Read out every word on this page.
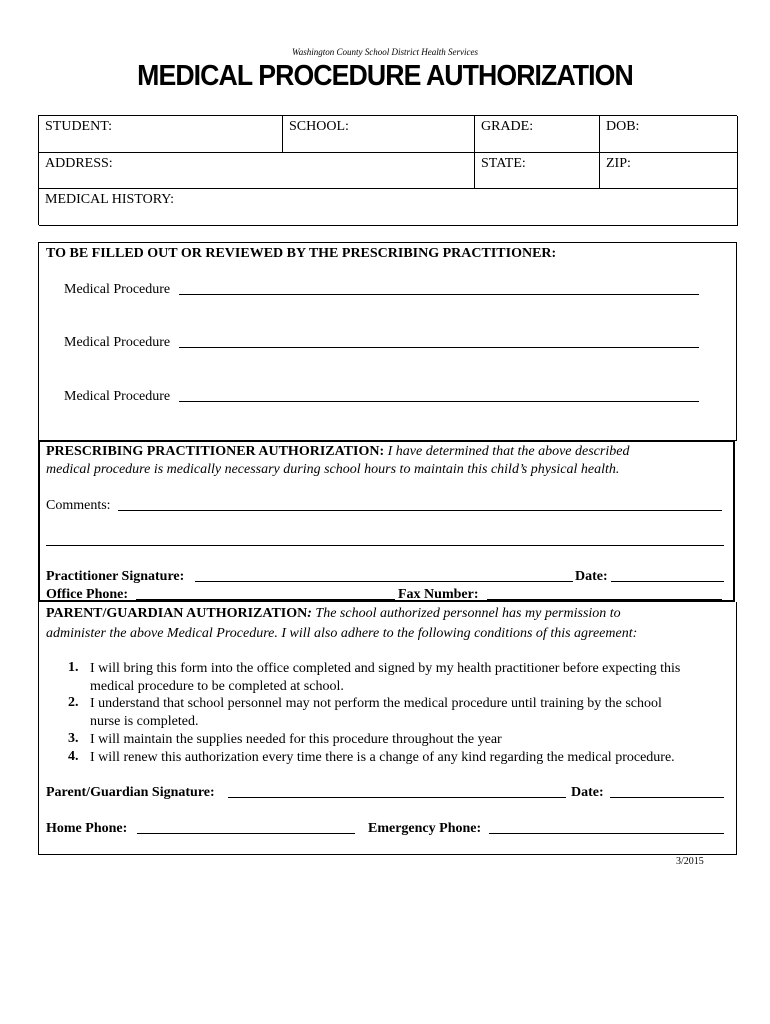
Washington County School District Health Services
MEDICAL PROCEDURE AUTHORIZATION
STUDENT:	SCHOOL:	GRADE:	DOB:
ADDRESS:	STATE:	ZIP:
MEDICAL HISTORY:
TO BE FILLED OUT OR REVIEWED BY THE PRESCRIBING PRACTITIONER:
Medical Procedure
Medical Procedure
Medical Procedure
PRESCRIBING PRACTITIONER AUTHORIZATION: I have determined that the above described
medical procedure is medically necessary during school hours to maintain this child’s physical health.
Comments:
Practitioner Signature:	Date:
Office Phone:	Fax Number:
PARENT/GUARDIAN AUTHORIZATION: The school authorized personnel has my permission to
administer the above Medical Procedure. I will also adhere to the following conditions of this agreement:
1. I will bring this form into the office completed and signed by my health practitioner before expecting this
medical procedure to be completed at school.
2. I understand that school personnel may not perform the medical procedure until training by the school
nurse is completed.
3. I will maintain the supplies needed for this procedure throughout the year
4. I will renew this authorization every time there is a change of any kind regarding the medical procedure.
Parent/Guardian Signature:	Date:
Home Phone:	Emergency Phone:
3/2015
